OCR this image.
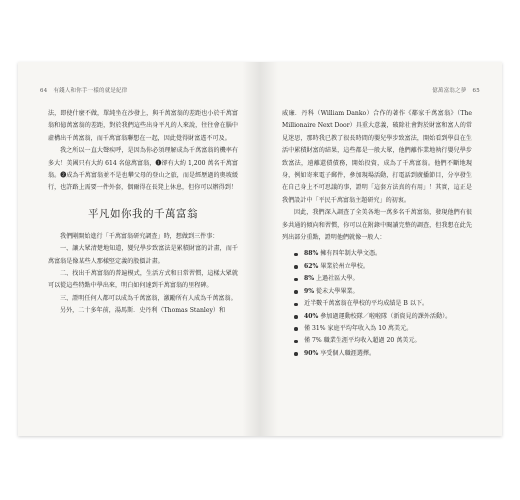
64 有錢人和你手一樣的就是紀律

法，即使什麼不做，單純坐在沙發上，與千萬富翁的差距也小於千萬富翁和億萬富翁的差距，對於我們這些出身平凡的人來說，往往會在腦中虛構出千萬富翁，而千萬富翁聯想在一起，因此覺得財富遙不可及。

我之所以一直大聲疾呼，是因為你必須理解成為千萬富翁的機率有多大！美國只有大約 614 名億萬富翁，❶卻有大約 1,200 萬名千萬富翁。❷成為千萬富翁並不是也攀父母的登山之旅，而是經歷過的奧坡緩行，也許路上需要一件外套，偶爾得在長凳上休息，但你可以辦得到！

平凡如你我的千萬富翁

我們剛開始進行「千萬富翁研究調查」時，想做到三件事：

一、讓大眾清楚地知道，變兒學步致富法是累積財富的計畫，而千萬富翁是像某些人那樣堅定義的股價計畫。

二、找出千萬富翁的普遍模式，生活方式和日常習慣，這樣大眾就可以從這些特點中學出來，明白如何達到千萬富翁的里程碑。

三、證明任何人都可以成為千萬富翁，激勵所有人成為千萬富翁。

另外，二十多年前，湯馬斯．史丹利（Thomas Stanley）和

億萬富翁之夢 65

威廉．丹科（William Danko）合作的著作《鄰家千萬富翁》（The Millionaire Next Door）具重大意義，破除社會對於財富和富人的常見迷思，那時我已教了很長時間的嬰兒學步致富法，開始看到學員在生活中累積財富的結果，這些都是一般大眾，他們離作業地執行嬰兒學步致富法，遠離還債債務，開始投資，成為了千萬富翁。他們不斷地現身，例如寄來電子郵件，參加現場活動，打電話到廣播節目，分享發生在自己身上不可思議的事，證明「這套方法真的有用」！其實，這正是我們設計中「平民千萬富翁主題研究」的初衷。

因此，我們深入調查了全美各地一萬多名千萬富翁，發現他們有很多共通的傾向和習慣，你可以在附錄中閱讀完整的調查，但我想在此先列出部分重點，證明他們就像一般人：

88% 擁有四年制大學文憑。
62% 畢業於州立學校。
8% 上過社區大學。
9% 從未大學畢業。
近半數千萬富翁在學校的平均成績是 B 以下。
40% 參加過運動校隊／啦啦隊（新資見的課外活動）。
僅 31% 家庭平均年收入為 10 萬美元。
僅 7% 職業生涯平均收入超過 20 萬美元。
90% 享受個人職涯選擇。
